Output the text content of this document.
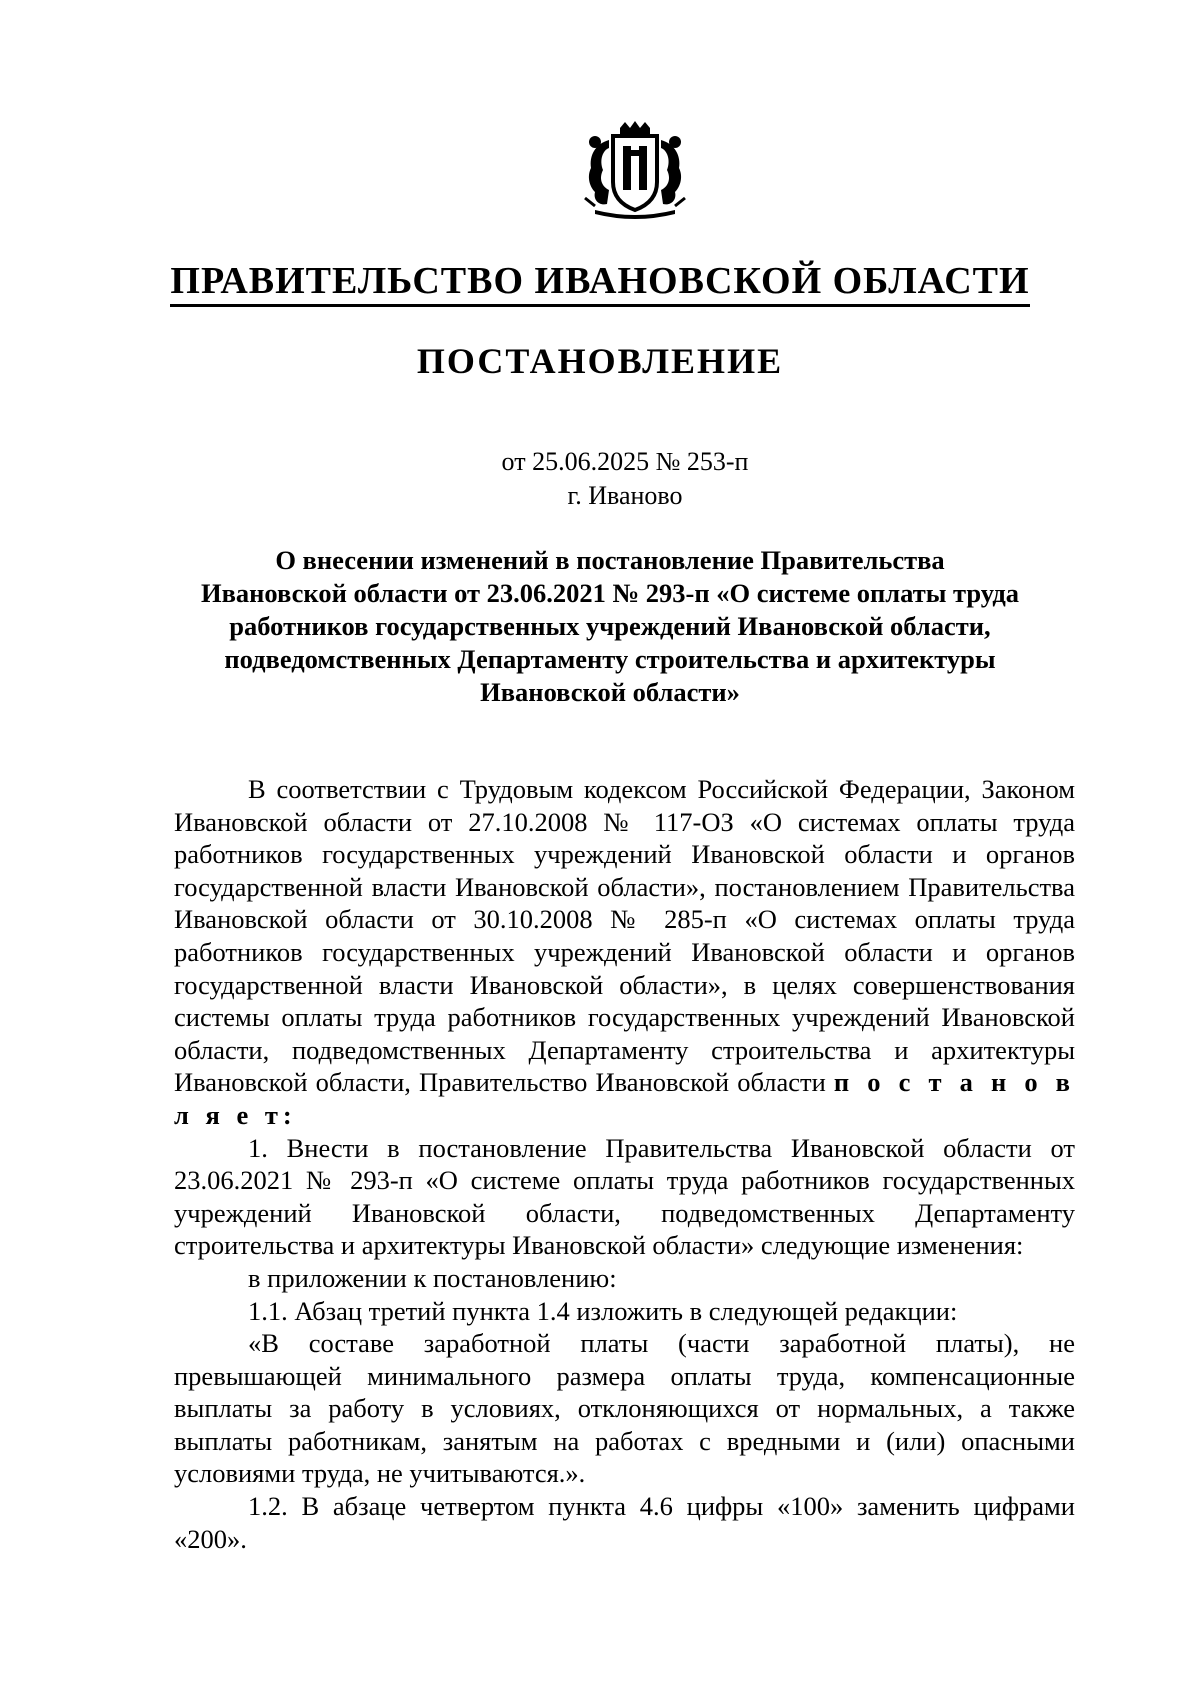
ПРАВИТЕЛЬСТВО ИВАНОВСКОЙ ОБЛАСТИ
ПОСТАНОВЛЕНИЕ
от 25.06.2025 № 253-п
г. Иваново
О внесении изменений в постановление Правительства
Ивановской области от 23.06.2021 № 293-п «О системе оплаты труда
работников государственных учреждений Ивановской области,
подведомственных Департаменту строительства и архитектуры
Ивановской области»

В соответствии с Трудовым кодексом Российской Федерации, Законом Ивановской области от 27.10.2008 № 117-ОЗ «О системах оплаты труда работников государственных учреждений Ивановской области и органов государственной власти Ивановской области», постановлением Правительства Ивановской области от 30.10.2008 № 285-п «О системах оплаты труда работников государственных учреждений Ивановской области и органов государственной власти Ивановской области», в целях совершенствования системы оплаты труда работников государственных учреждений Ивановской области, подведомственных Департаменту строительства и архитектуры Ивановской области, Правительство Ивановской области п о с т а н о в л я е т:

1. Внести в постановление Правительства Ивановской области от 23.06.2021 № 293-п «О системе оплаты труда работников государственных учреждений Ивановской области, подведомственных Департаменту строительства и архитектуры Ивановской области» следующие изменения:

в приложении к постановлению:

1.1. Абзац третий пункта 1.4 изложить в следующей редакции:

«В составе заработной платы (части заработной платы), не превышающей минимального размера оплаты труда, компенсационные выплаты за работу в условиях, отклоняющихся от нормальных, а также выплаты работникам, занятым на работах с вредными и (или) опасными условиями труда, не учитываются.».

1.2. В абзаце четвертом пункта 4.6 цифры «100» заменить цифрами «200».
